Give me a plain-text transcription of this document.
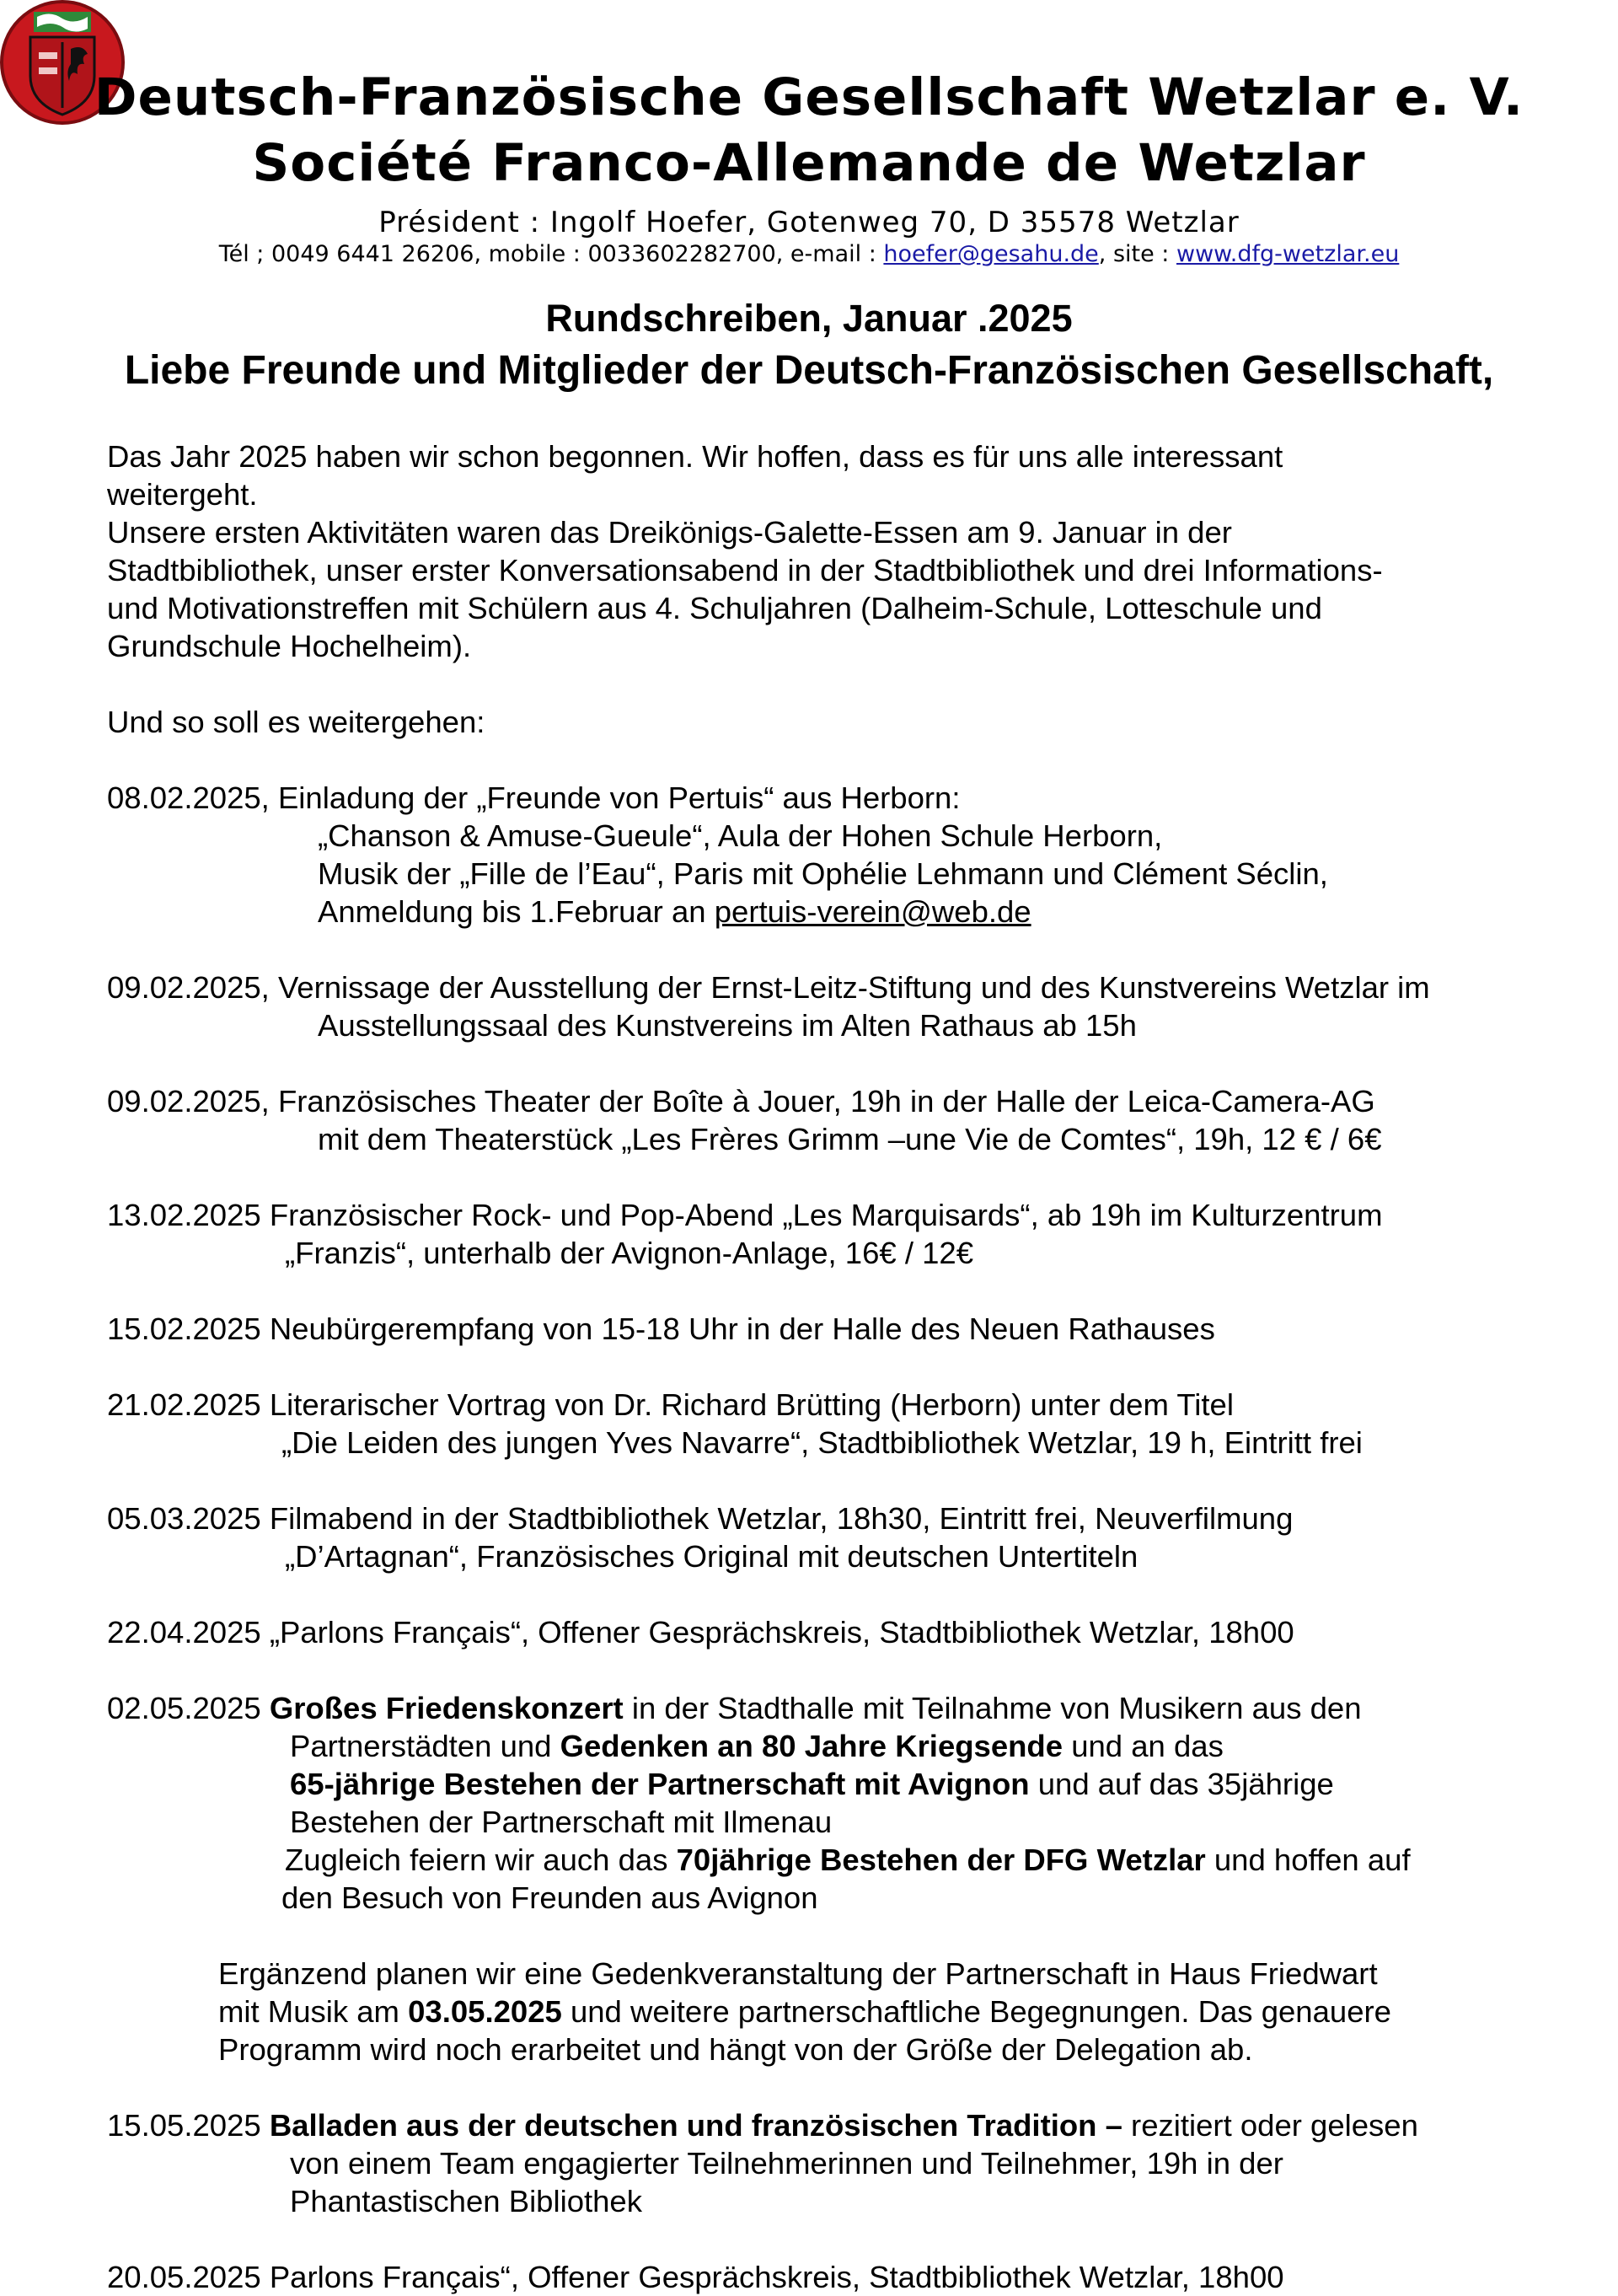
Deutsch-Französische Gesellschaft Wetzlar e. V.
Société Franco-Allemande de Wetzlar
Président : Ingolf Hoefer, Gotenweg 70, D 35578 Wetzlar
Tél ; 0049 6441 26206, mobile : 0033602282700, e-mail : hoefer@gesahu.de, site : www.dfg-wetzlar.eu
Rundschreiben, Januar .2025
Liebe Freunde und Mitglieder der Deutsch-Französischen Gesellschaft,

Das Jahr 2025 haben wir schon begonnen. Wir hoffen, dass es für uns alle interessant

weitergeht.

Unsere ersten Aktivitäten waren das Dreikönigs-Galette-Essen am 9. Januar in der

Stadtbibliothek, unser erster Konversationsabend in der Stadtbibliothek und drei Informations-

und Motivationstreffen mit Schülern aus 4. Schuljahren (Dalheim-Schule, Lotteschule und

Grundschule Hochelheim).

Und so soll es weitergehen:

08.02.2025, Einladung der „Freunde von Pertuis“ aus Herborn:

„Chanson & Amuse-Gueule“, Aula der Hohen Schule Herborn,

Musik der „Fille de l’Eau“, Paris mit Ophélie Lehmann und Clément Séclin,

Anmeldung bis 1.Februar an pertuis-verein@web.de

09.02.2025, Vernissage der Ausstellung der Ernst-Leitz-Stiftung und des Kunstvereins Wetzlar im

Ausstellungssaal des Kunstvereins im Alten Rathaus ab 15h

09.02.2025, Französisches Theater der Boîte à Jouer, 19h in der Halle der Leica-Camera-AG

mit dem Theaterstück „Les Frères Grimm –une Vie de Comtes“, 19h, 12 € / 6€

13.02.2025 Französischer Rock- und Pop-Abend „Les Marquisards“, ab 19h im Kulturzentrum

„Franzis“, unterhalb der Avignon-Anlage, 16€ / 12€

15.02.2025 Neubürgerempfang von 15-18 Uhr in der Halle des Neuen Rathauses

21.02.2025 Literarischer Vortrag von Dr. Richard Brütting (Herborn) unter dem Titel

„Die Leiden des jungen Yves Navarre“, Stadtbibliothek Wetzlar, 19 h, Eintritt frei

05.03.2025 Filmabend in der Stadtbibliothek Wetzlar, 18h30, Eintritt frei, Neuverfilmung

„D’Artagnan“, Französisches Original mit deutschen Untertiteln

22.04.2025 „Parlons Français“, Offener Gesprächskreis, Stadtbibliothek Wetzlar, 18h00

02.05.2025 Großes Friedenskonzert in der Stadthalle mit Teilnahme von Musikern aus den

Partnerstädten und Gedenken an 80 Jahre Kriegsende und an das

65-jährige Bestehen der Partnerschaft mit Avignon und auf das 35jährige

Bestehen der Partnerschaft mit Ilmenau

Zugleich feiern wir auch das 70jährige Bestehen der DFG Wetzlar und hoffen auf

den Besuch von Freunden aus Avignon

Ergänzend planen wir eine Gedenkveranstaltung der Partnerschaft in Haus Friedwart

mit Musik am 03.05.2025 und weitere partnerschaftliche Begegnungen. Das genauere

Programm wird noch erarbeitet und hängt von der Größe der Delegation ab.

15.05.2025 Balladen aus der deutschen und französischen Tradition – rezitiert oder gelesen

von einem Team engagierter Teilnehmerinnen und Teilnehmer, 19h in der

Phantastischen Bibliothek

20.05.2025 Parlons Français“, Offener Gesprächskreis, Stadtbibliothek Wetzlar, 18h00
